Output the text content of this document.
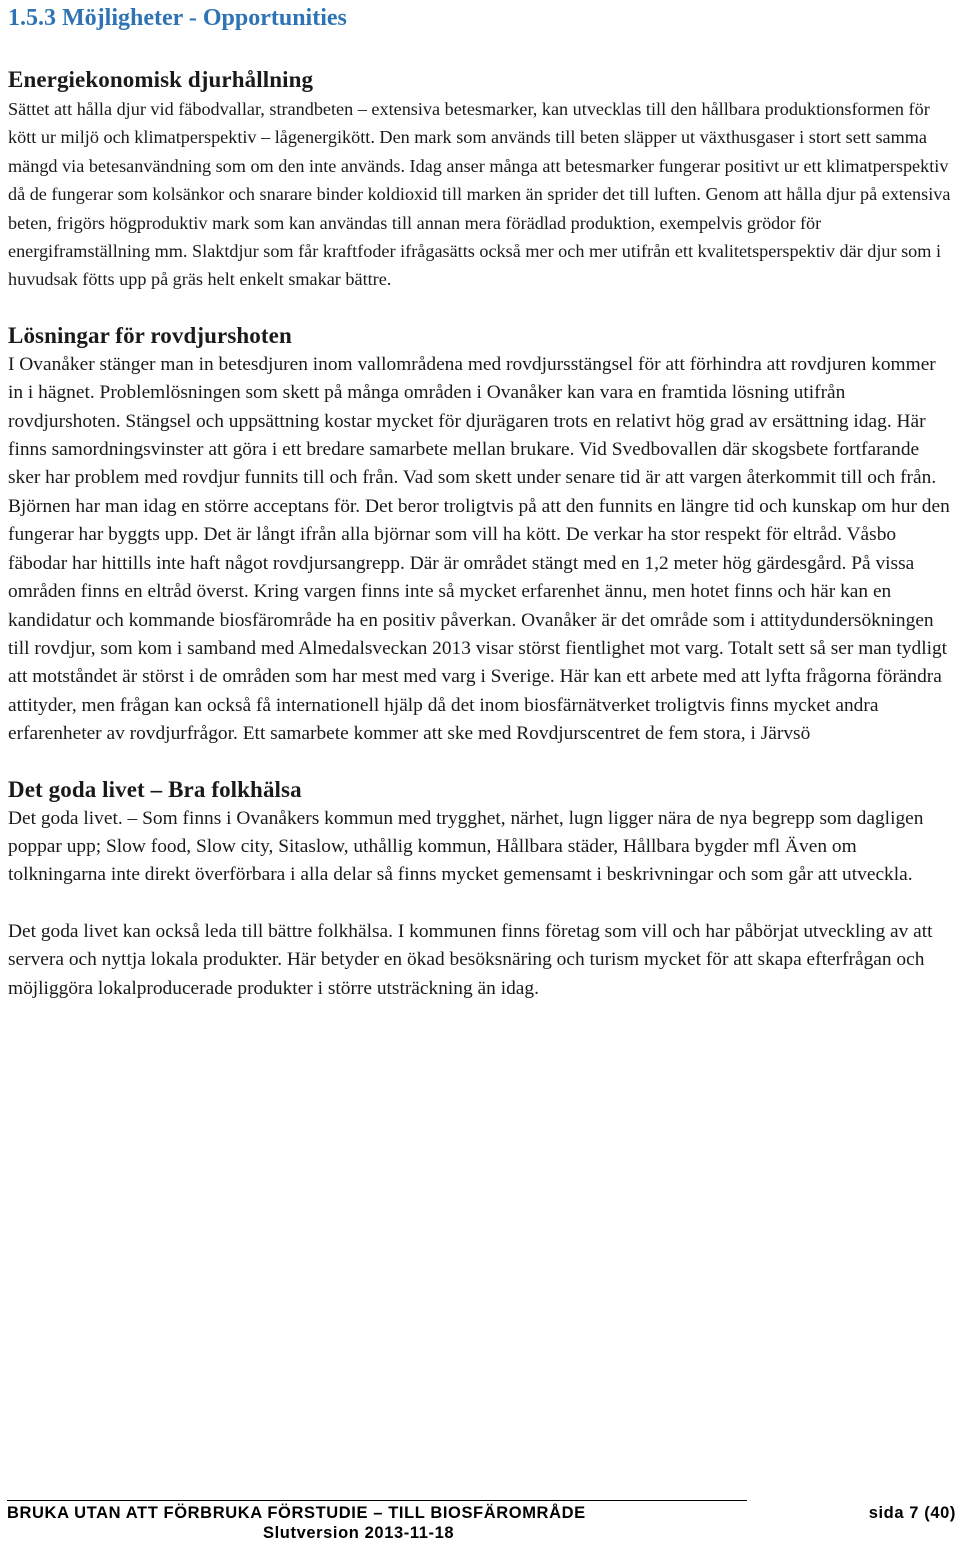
1.5.3 Möjligheter - Opportunities
Energiekonomisk djurhållning

Sättet att hålla djur vid fäbodvallar, strandbeten – extensiva betesmarker, kan utvecklas till den hållbara produktionsformen för kött ur miljö och klimatperspektiv – lågenergikött. Den mark som används till beten släpper ut växthusgaser i stort sett samma mängd via betesanvändning som om den inte används. Idag anser många att betesmarker fungerar positivt ur ett klimatperspektiv då de fungerar som kolsänkor och snarare binder koldioxid till marken än sprider det till luften. Genom att hålla djur på extensiva beten, frigörs högproduktiv mark som kan användas till annan mera förädlad produktion, exempelvis grödor för energiframställning mm. Slaktdjur som får kraftfoder ifrågasätts också mer och mer utifrån ett kvalitetsperspektiv där djur som i huvudsak fötts upp på gräs helt enkelt smakar bättre.

Lösningar för rovdjurshoten

I Ovanåker stänger man in betesdjuren inom vallområdena med rovdjursstängsel för att förhindra att rovdjuren kommer in i hägnet. Problemlösningen som skett på många områden i Ovanåker kan vara en framtida lösning utifrån rovdjurshoten. Stängsel och uppsättning kostar mycket för djurägaren trots en relativt hög grad av ersättning idag. Här finns samordningsvinster att göra i ett bredare samarbete mellan brukare. Vid Svedbovallen där skogsbete fortfarande sker har problem med rovdjur funnits till och från. Vad som skett under senare tid är att vargen återkommit till och från. Björnen har man idag en större acceptans för. Det beror troligtvis på att den funnits en längre tid och kunskap om hur den fungerar har byggts upp. Det är långt ifrån alla björnar som vill ha kött. De verkar ha stor respekt för eltråd. Våsbo fäbodar har hittills inte haft något rovdjursangrepp. Där är området stängt med en 1,2 meter hög gärdesgård. På vissa områden finns en eltråd överst. Kring vargen finns inte så mycket erfarenhet ännu, men hotet finns och här kan en kandidatur och kommande biosfärområde ha en positiv påverkan. Ovanåker är det område som i attitydundersökningen till rovdjur, som kom i samband med Almedalsveckan 2013 visar störst fientlighet mot varg. Totalt sett så ser man tydligt att motståndet är störst i de områden som har mest med varg i Sverige. Här kan ett arbete med att lyfta frågorna förändra attityder, men frågan kan också få internationell hjälp då det inom biosfärnätverket troligtvis finns mycket andra erfarenheter av rovdjurfrågor. Ett samarbete kommer att ske med Rovdjurscentret de fem stora, i Järvsö

Det goda livet – Bra folkhälsa

Det goda livet. – Som finns i Ovanåkers kommun med trygghet, närhet, lugn ligger nära de nya begrepp som dagligen poppar upp; Slow food, Slow city, Sitaslow, uthållig kommun, Hållbara städer, Hållbara bygder mfl Även om tolkningarna inte direkt överförbara i alla delar så finns mycket gemensamt i beskrivningar och som går att utveckla.

Det goda livet kan också leda till bättre folkhälsa. I kommunen finns företag som vill och har påbörjat utveckling av att servera och nyttja lokala produkter. Här betyder en ökad besöksnäring och turism mycket för att skapa efterfrågan och möjliggöra lokalproducerade produkter i större utsträckning än idag.

BRUKA UTAN ATT FÖRBRUKA FÖRSTUDIE – TILL BIOSFÄROMRÅDE	sida 7 (40)
Slutversion 2013-11-18
